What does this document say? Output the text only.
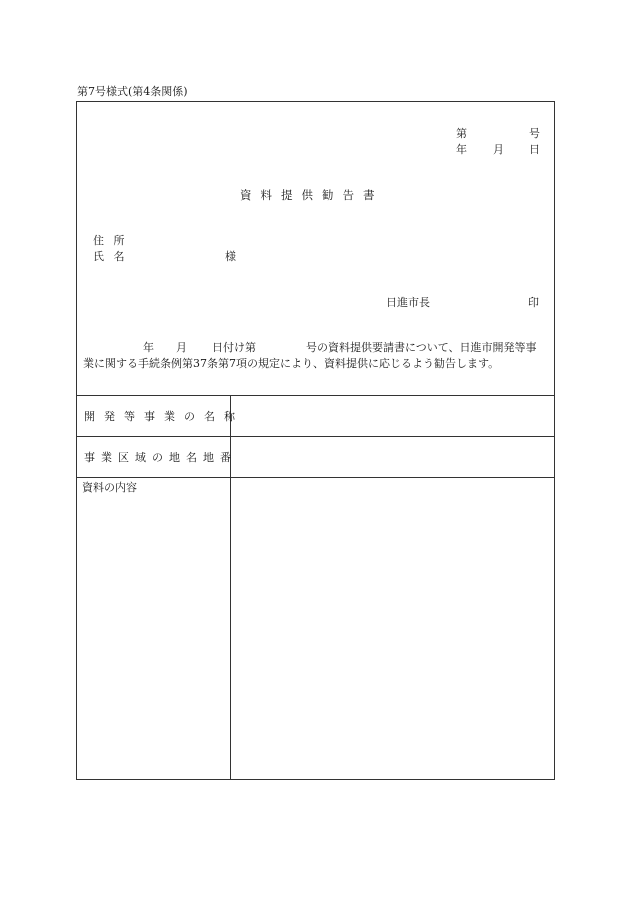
第7号様式(第4条関係)
第	号
年 月 日
資料提供勧告書
住 所
氏 名	様
日進市長	印
年 月 日付け第	号の資料提供要請書について、日進市開発等事
業に関する手続条例第37条第7項の規定により、資料提供に応じるよう勧告します。
開発等事業の名称
事業区域の地名地番
資料の内容
